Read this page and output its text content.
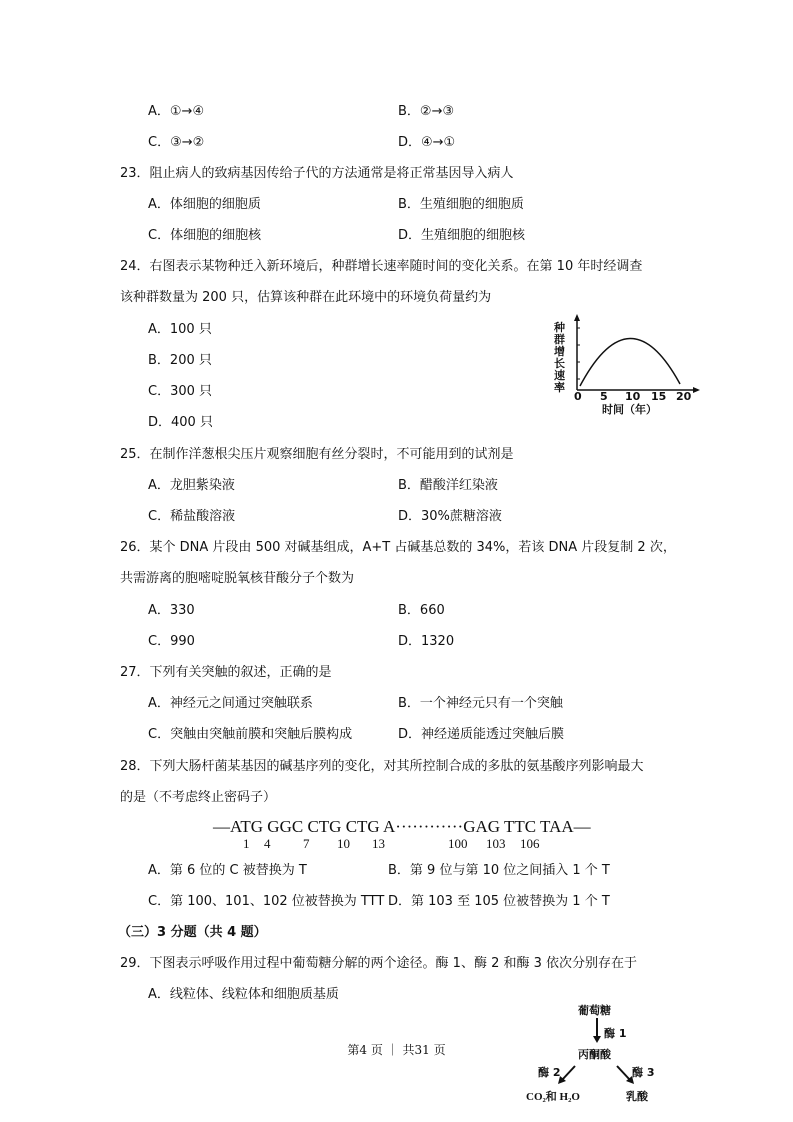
A．①→④	B．②→③
C．③→②	D．④→①
23．阻止病人的致病基因传给子代的方法通常是将正常基因导入病人
A．体细胞的细胞质	B．生殖细胞的细胞质
C．体细胞的细胞核	D．生殖细胞的细胞核
24．右图表示某物种迁入新环境后，种群增长速率随时间的变化关系。在第 10 年时经调查
该种群数量为 200 只，估算该种群在此环境中的环境负荷量约为
A．100 只
B．200 只
C．300 只
D．400 只
种群增长速率
0 5 10 15 20
时间（年）
25．在制作洋葱根尖压片观察细胞有丝分裂时，不可能用到的试剂是
A．龙胆紫染液	B．醋酸洋红染液
C．稀盐酸溶液	D．30%蔗糖溶液
26．某个 DNA 片段由 500 对碱基组成，A+T 占碱基总数的 34%，若该 DNA 片段复制 2 次，
共需游离的胞嘧啶脱氧核苷酸分子个数为
A．330	B．660
C．990	D．1320
27．下列有关突触的叙述，正确的是
A．神经元之间通过突触联系	B．一个神经元只有一个突触
C．突触由突触前膜和突触后膜构成	D．神经递质能透过突触后膜
28．下列大肠杆菌某基因的碱基序列的变化，对其所控制合成的多肽的氨基酸序列影响最大
的是（不考虑终止密码子）
—ATG GGC CTG CTG A············GAG TTC TAA—
1 4	7 10 13	100 103 106
A．第 6 位的 C 被替换为 T	B．第 9 位与第 10 位之间插入 1 个 T
C．第 100、101、102 位被替换为 TTT D．第 103 至 105 位被替换为 1 个 T
（三）3 分题（共 4 题）
29．下图表示呼吸作用过程中葡萄糖分解的两个途径。酶 1、酶 2 和酶 3 依次分别存在于
A．线粒体、线粒体和细胞质基质
葡萄糖
酶 1
丙酮酸
酶 2	酶 3
CO₂和 H₂O	乳酸
第4 页 ｜ 共31 页
